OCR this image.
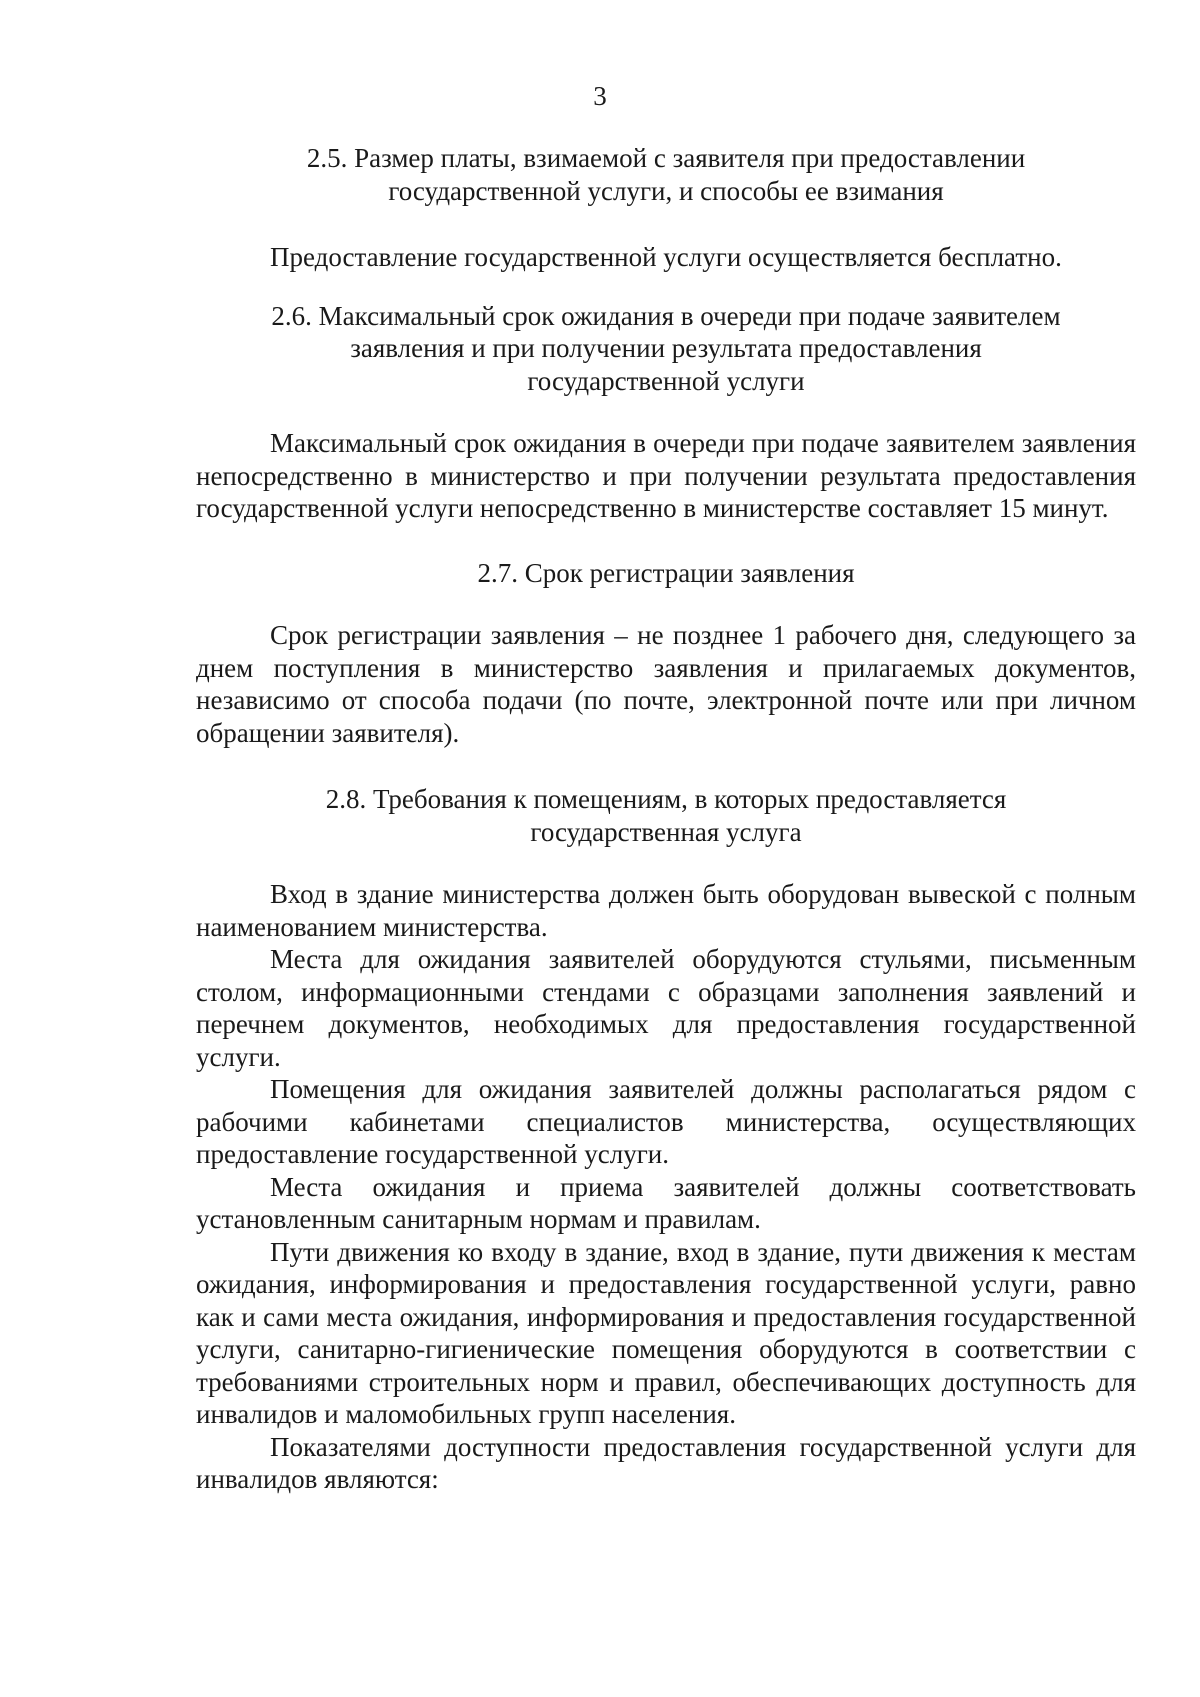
3
2.5. Размер платы, взимаемой с заявителя при предоставлении
государственной услуги, и способы ее взимания

Предоставление государственной услуги осуществляется бесплатно.

2.6. Максимальный срок ожидания в очереди при подаче заявителем
заявления и при получении результата предоставления
государственной услуги

Максимальный срок ожидания в очереди при подаче заявителем заявления непосредственно в министерство и при получении результата предоставления государственной услуги непосредственно в министерстве составляет 15 минут.

2.7. Срок регистрации заявления

Срок регистрации заявления – не позднее 1 рабочего дня, следующего за днем поступления в министерство заявления и прилагаемых документов, независимо от способа подачи (по почте, электронной почте или при личном обращении заявителя).

2.8. Требования к помещениям, в которых предоставляется
государственная услуга

Вход в здание министерства должен быть оборудован вывеской с полным наименованием министерства.

Места для ожидания заявителей оборудуются стульями, письменным столом, информационными стендами с образцами заполнения заявлений и перечнем документов, необходимых для предоставления государственной услуги.

Помещения для ожидания заявителей должны располагаться рядом с рабочими кабинетами специалистов министерства, осуществляющих предоставление государственной услуги.

Места ожидания и приема заявителей должны соответствовать установленным санитарным нормам и правилам.

Пути движения ко входу в здание, вход в здание, пути движения к местам ожидания, информирования и предоставления государственной услуги, равно как и сами места ожидания, информирования и предоставления государственной услуги, санитарно-гигиенические помещения оборудуются в соответствии с требованиями строительных норм и правил, обеспечивающих доступность для инвалидов и маломобильных групп населения.

Показателями доступности предоставления государственной услуги для инвалидов являются:
